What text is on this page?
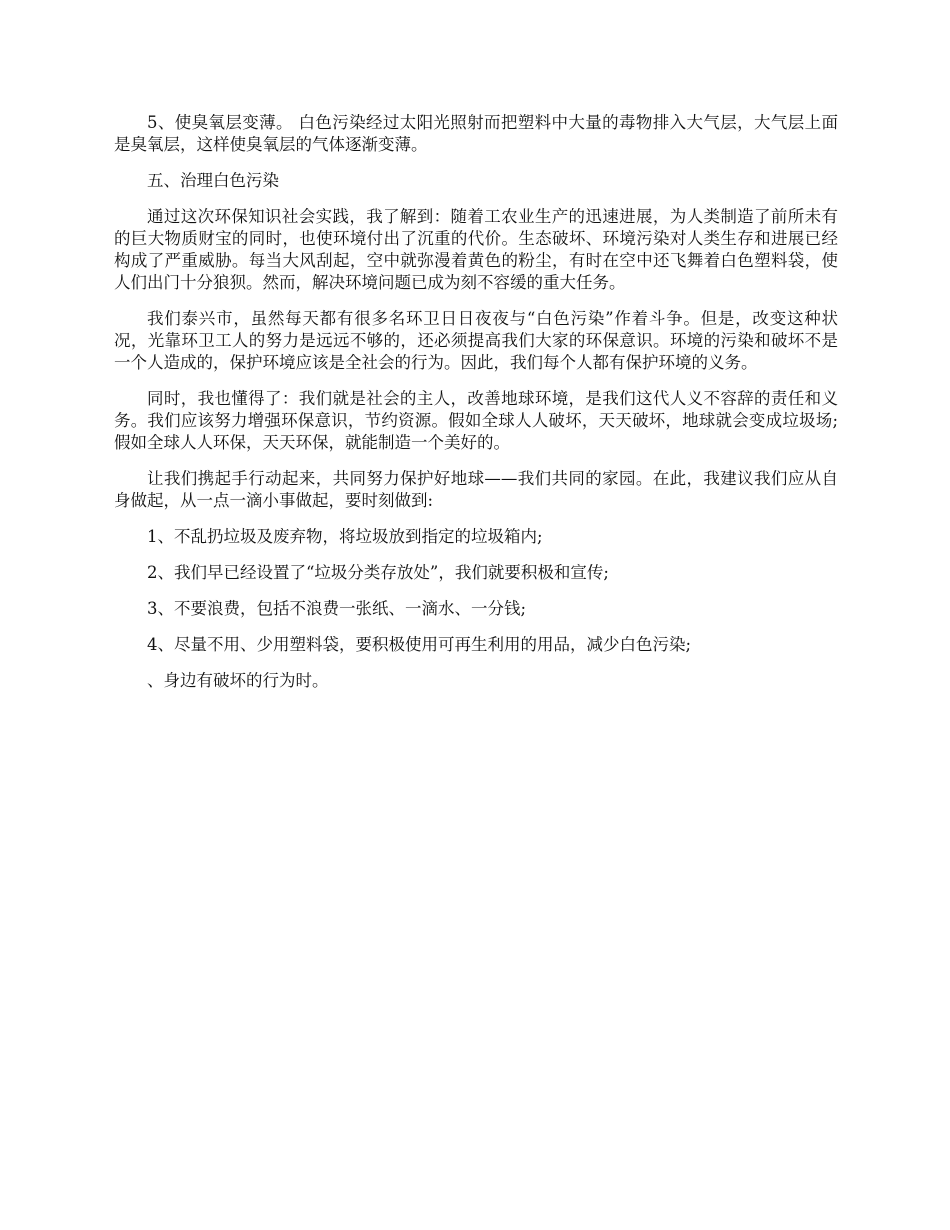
5、使臭氧层变薄。 白色污染经过太阳光照射而把塑料中大量的毒物排入大气层，大气层上面是臭氧层，这样使臭氧层的气体逐渐变薄。

五、治理白色污染

通过这次环保知识社会实践，我了解到：随着工农业生产的迅速进展，为人类制造了前所未有的巨大物质财宝的同时，也使环境付出了沉重的代价。生态破坏、环境污染对人类生存和进展已经构成了严重威胁。每当大风刮起，空中就弥漫着黄色的粉尘，有时在空中还飞舞着白色塑料袋，使人们出门十分狼狈。然而，解决环境问题已成为刻不容缓的重大任务。

我们泰兴市，虽然每天都有很多名环卫日日夜夜与“白色污染”作着斗争。但是，改变这种状况，光靠环卫工人的努力是远远不够的，还必须提高我们大家的环保意识。环境的污染和破坏不是一个人造成的，保护环境应该是全社会的行为。因此，我们每个人都有保护环境的义务。

同时，我也懂得了：我们就是社会的主人，改善地球环境，是我们这代人义不容辞的责任和义务。我们应该努力增强环保意识，节约资源。假如全球人人破坏，天天破坏，地球就会变成垃圾场;假如全球人人环保，天天环保，就能制造一个美好的。

让我们携起手行动起来，共同努力保护好地球——我们共同的家园。在此，我建议我们应从自身做起，从一点一滴小事做起，要时刻做到:

1、不乱扔垃圾及废弃物，将垃圾放到指定的垃圾箱内;

2、我们早已经设置了“垃圾分类存放处”，我们就要积极和宣传;

3、不要浪费，包括不浪费一张纸、一滴水、一分钱;

4、尽量不用、少用塑料袋，要积极使用可再生利用的用品，减少白色污染;

、身边有破坏的行为时。
